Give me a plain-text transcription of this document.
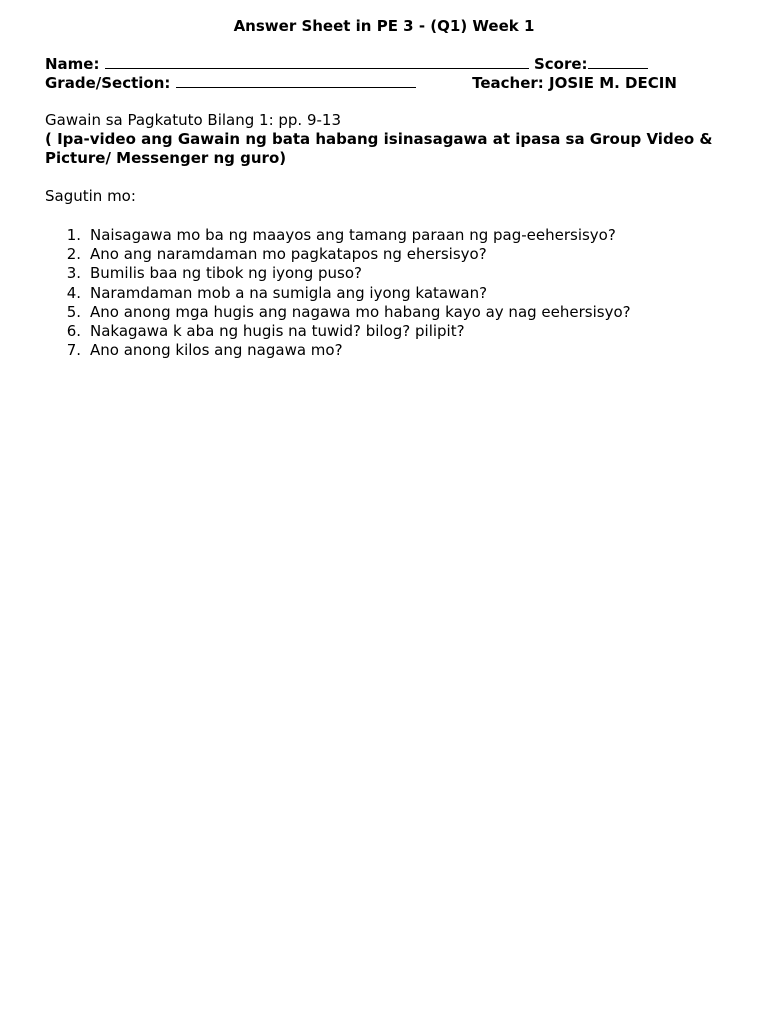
Answer Sheet in PE 3 - (Q1) Week 1
Name:	Score:
Grade/Section:	Teacher: JOSIE M. DECIN
Gawain sa Pagkatuto Bilang 1: pp. 9-13
( Ipa-video ang Gawain ng bata habang isinasagawa at ipasa sa Group Video & Picture/ Messenger ng guro)
Sagutin mo:
1. Naisagawa mo ba ng maayos ang tamang paraan ng pag-eehersisyo?
2. Ano ang naramdaman mo pagkatapos ng ehersisyo?
3. Bumilis baa ng tibok ng iyong puso?
4. Naramdaman mob a na sumigla ang iyong katawan?
5. Ano anong mga hugis ang nagawa mo habang kayo ay nag eehersisyo?
6. Nakagawa k aba ng hugis na tuwid? bilog? pilipit?
7. Ano anong kilos ang nagawa mo?
